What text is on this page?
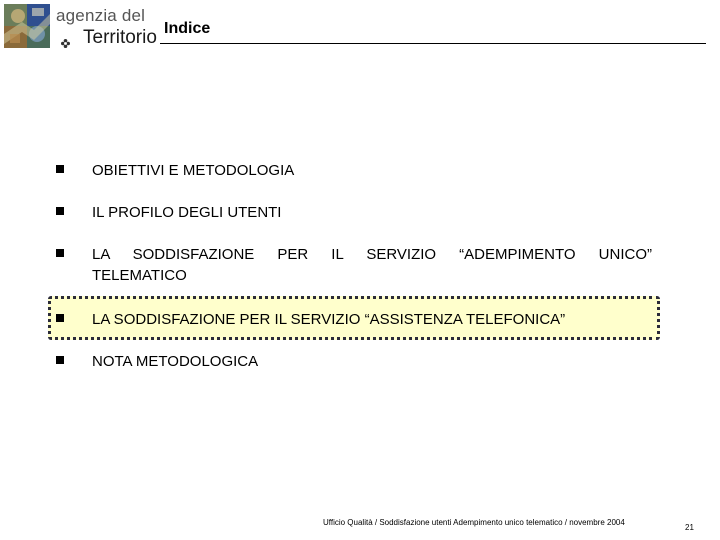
agenzia del
Territorio Indice
OBIETTIVI E METODOLOGIA
IL PROFILO DEGLI UTENTI
LA SODDISFAZIONE PER IL SERVIZIO “ADEMPIMENTO UNICO”
TELEMATICO
LA SODDISFAZIONE PER IL SERVIZIO “ASSISTENZA TELEFONICA”
NOTA METODOLOGICA
Ufficio Qualità / Soddisfazione utenti Adempimento unico telematico / novembre 2004
21
